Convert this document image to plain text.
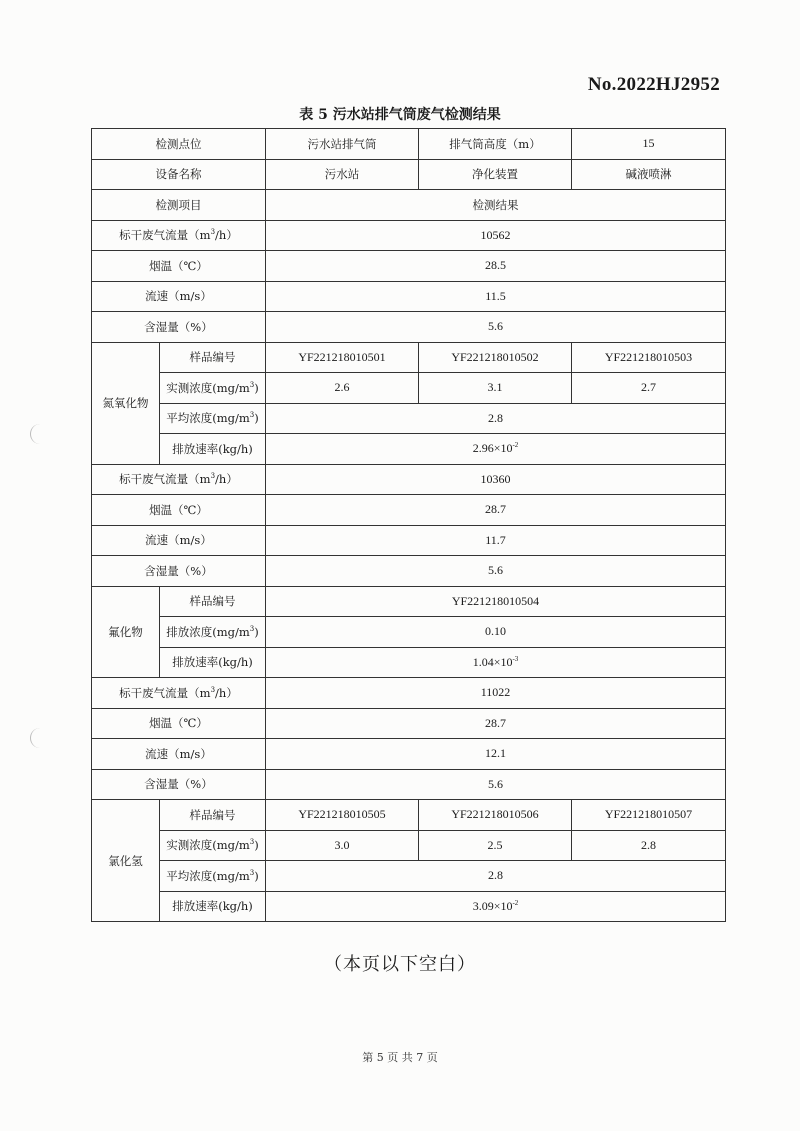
No.2022HJ2952
表 5 污水站排气筒废气检测结果
检测点位		污水站排气筒	排气筒高度（m）	15
设备名称		污水站	净化装置	碱液喷淋
检测项目		检测结果		
标干废气流量$(m^3/h)$		10562		
烟温（℃）		28.5		
流速（m/s）		11.5		
含湿量（%）		5.6		
氮氧化物	样品编号	YF221218010501	YF221218010502	YF221218010503
	实测浓度$(mg/m^3)$	2.6	3.1	2.7
	平均浓度$(mg/m^3)$	2.8		
	排放速率(kg/h)	$2.96\times 10^{-2}$
标干废气流量$(m^3/h)$		10360		
烟温（℃）		28.7		
流速（m/s）		11.7		
含湿量（%）		5.6		
氟化物	样品编号	YF221218010504		
	排放浓度$(mg/m^3)$	0.10		
	排放速率(kg/h)	$1.04\times 10^{-3}$
标干废气流量$(m^3/h)$		11022		
烟温（℃）		28.7		
流速（m/s）		12.1		
含湿量（%）		5.6		
氯化氢	样品编号	YF221218010505	YF221218010506	YF221218010507
	实测浓度$(mg/m^3)$	3.0	2.5	2.8
	平均浓度$(mg/m^3)$	2.8		
	排放速率(kg/h)	$3.09\times 10^{-2}$
（本页以下空白）
第 5 页 共 7 页
